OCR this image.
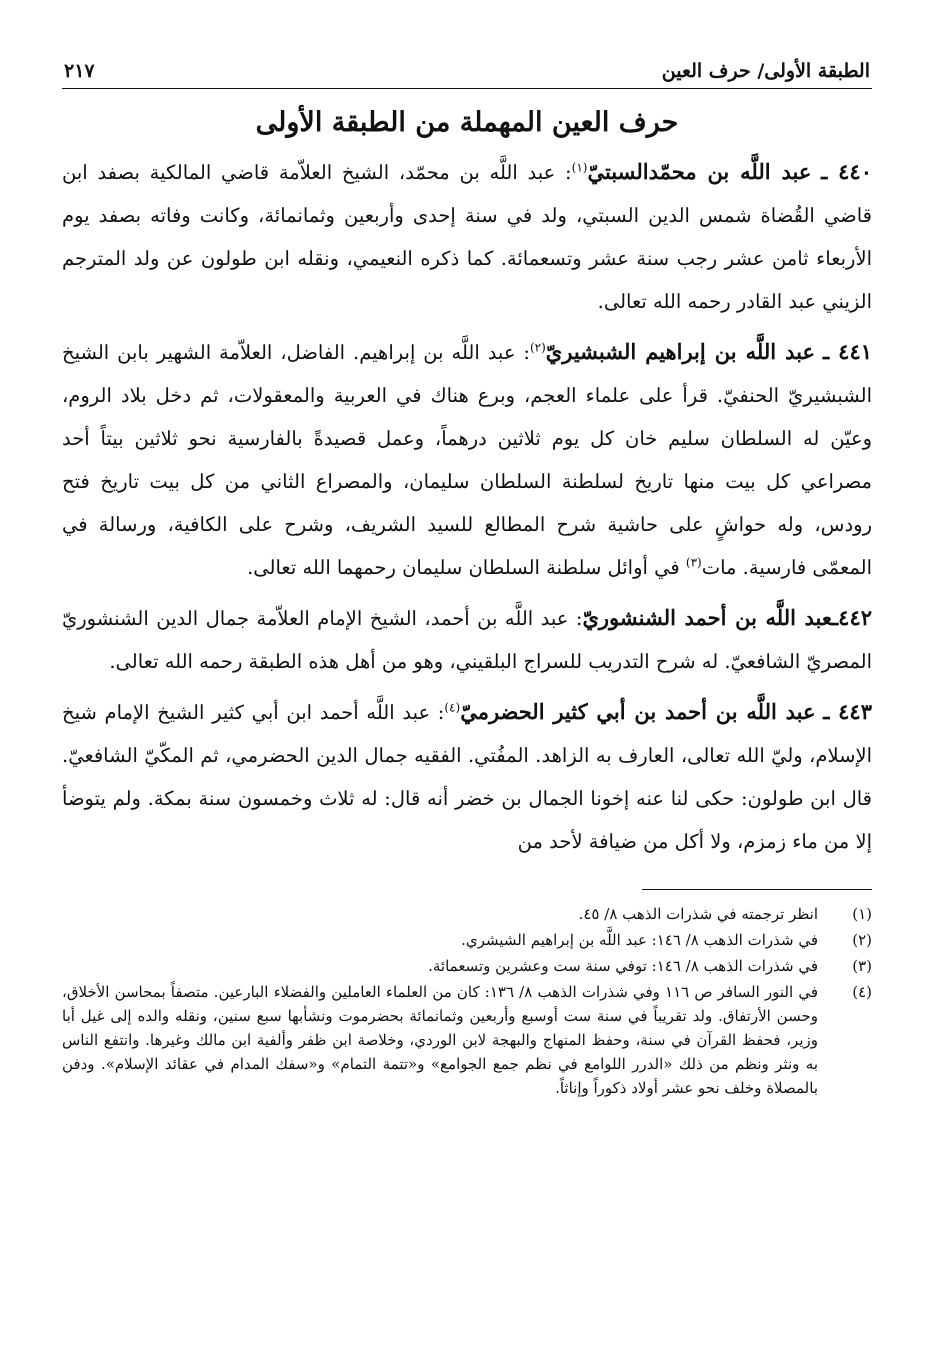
الطبقة الأولى/ حرف العين
٢١٧
حرف العين المهملة من الطبقة الأولى

٤٤٠ ـ عبد اللَّه بن محمّدالسبتيّ$^{(١)}$: عبد اللَّه بن محمّد، الشيخ العلاّمة قاضي المالكية بصفد ابن قاضي القُضاة شمس الدين السبتي، ولد في سنة إحدى وأربعين وثمانمائة، وكانت وفاته بصفد يوم الأربعاء ثامن عشر رجب سنة عشر وتسعمائة. كما ذكره النعيمي، ونقله ابن طولون عن ولد المترجم الزيني عبد القادر رحمه الله تعالى.

٤٤١ ـ عبد اللَّه بن إبراهيم الشبشيريّ$^{(٢)}$: عبد اللَّه بن إبراهيم. الفاضل، العلاّمة الشهير بابن الشيخ الشبشيريّ الحنفيّ. قرأ على علماء العجم، وبرع هناك في العربية والمعقولات، ثم دخل بلاد الروم، وعيّن له السلطان سليم خان كل يوم ثلاثين درهماً، وعمل قصيدةً بالفارسية نحو ثلاثين بيتاً أحد مصراعي كل بيت منها تاريخ لسلطنة السلطان سليمان، والمصراع الثاني من كل بيت تاريخ فتح رودس، وله حواشٍ على حاشية شرح المطالع للسيد الشريف، وشرح على الكافية، ورسالة في المعمّى فارسية. مات$^{(٣)}$ في أوائل سلطنة السلطان سليمان رحمهما الله تعالى.

٤٤٢ـعبد اللَّه بن أحمد الشنشوريّ: عبد اللَّه بن أحمد، الشيخ الإمام العلاّمة جمال الدين الشنشوريّ المصريّ الشافعيّ. له شرح التدريب للسراج البلقيني، وهو من أهل هذه الطبقة رحمه الله تعالى.

٤٤٣ ـ عبد اللَّه بن أحمد بن أبي كثير الحضرميّ$^{(٤)}$: عبد اللَّه أحمد ابن أبي كثير الشيخ الإمام شيخ الإسلام، وليّ الله تعالى، العارف به الزاهد. المفُتي. الفقيه جمال الدين الحضرمي، ثم المكّيّ الشافعيّ. قال ابن طولون: حكى لنا عنه إخونا الجمال بن خضر أنه قال: له ثلاث وخمسون سنة بمكة. ولم يتوضأ إلا من ماء زمزم، ولا أكل من ضيافة لأحد من

(١)
انظر ترجمته في شذرات الذهب ٨/ ٤٥.
(٢)
في شذرات الذهب ٨/ ١٤٦: عبد اللَّه بن إبراهيم الشيشري.
(٣)
في شذرات الذهب ٨/ ١٤٦: توفي سنة ست وعشرين وتسعمائة.
(٤)
في النور السافر ص ١١٦ وفي شذرات الذهب ٨/ ١٣٦: كان من العلماء العاملين والفضلاء البارعين. متصفاً بمحاسن الأخلاق، وحسن الأرتفاق. ولد تقريباً في سنة ست أوسبع وأربعين وثمانمائة بحضرموت ونشأبها سبع سنين، ونقله والده إلى غيل أبا وزير، فحفظ القرآن في سنة، وحفظ المنهاج والبهجة لابن الوردي، وخلاصة ابن ظفر وألفية ابن مالك وغيرها. وانتفع الناس به ونثر ونظم من ذلك «الدرر اللوامع في نظم جمع الجوامع» و«تتمة التمام» و«سفك المدام في عقائد الإسلام». ودفن بالمصلاة وخلف نحو عشر أولاد ذكوراً وإناثاً.
